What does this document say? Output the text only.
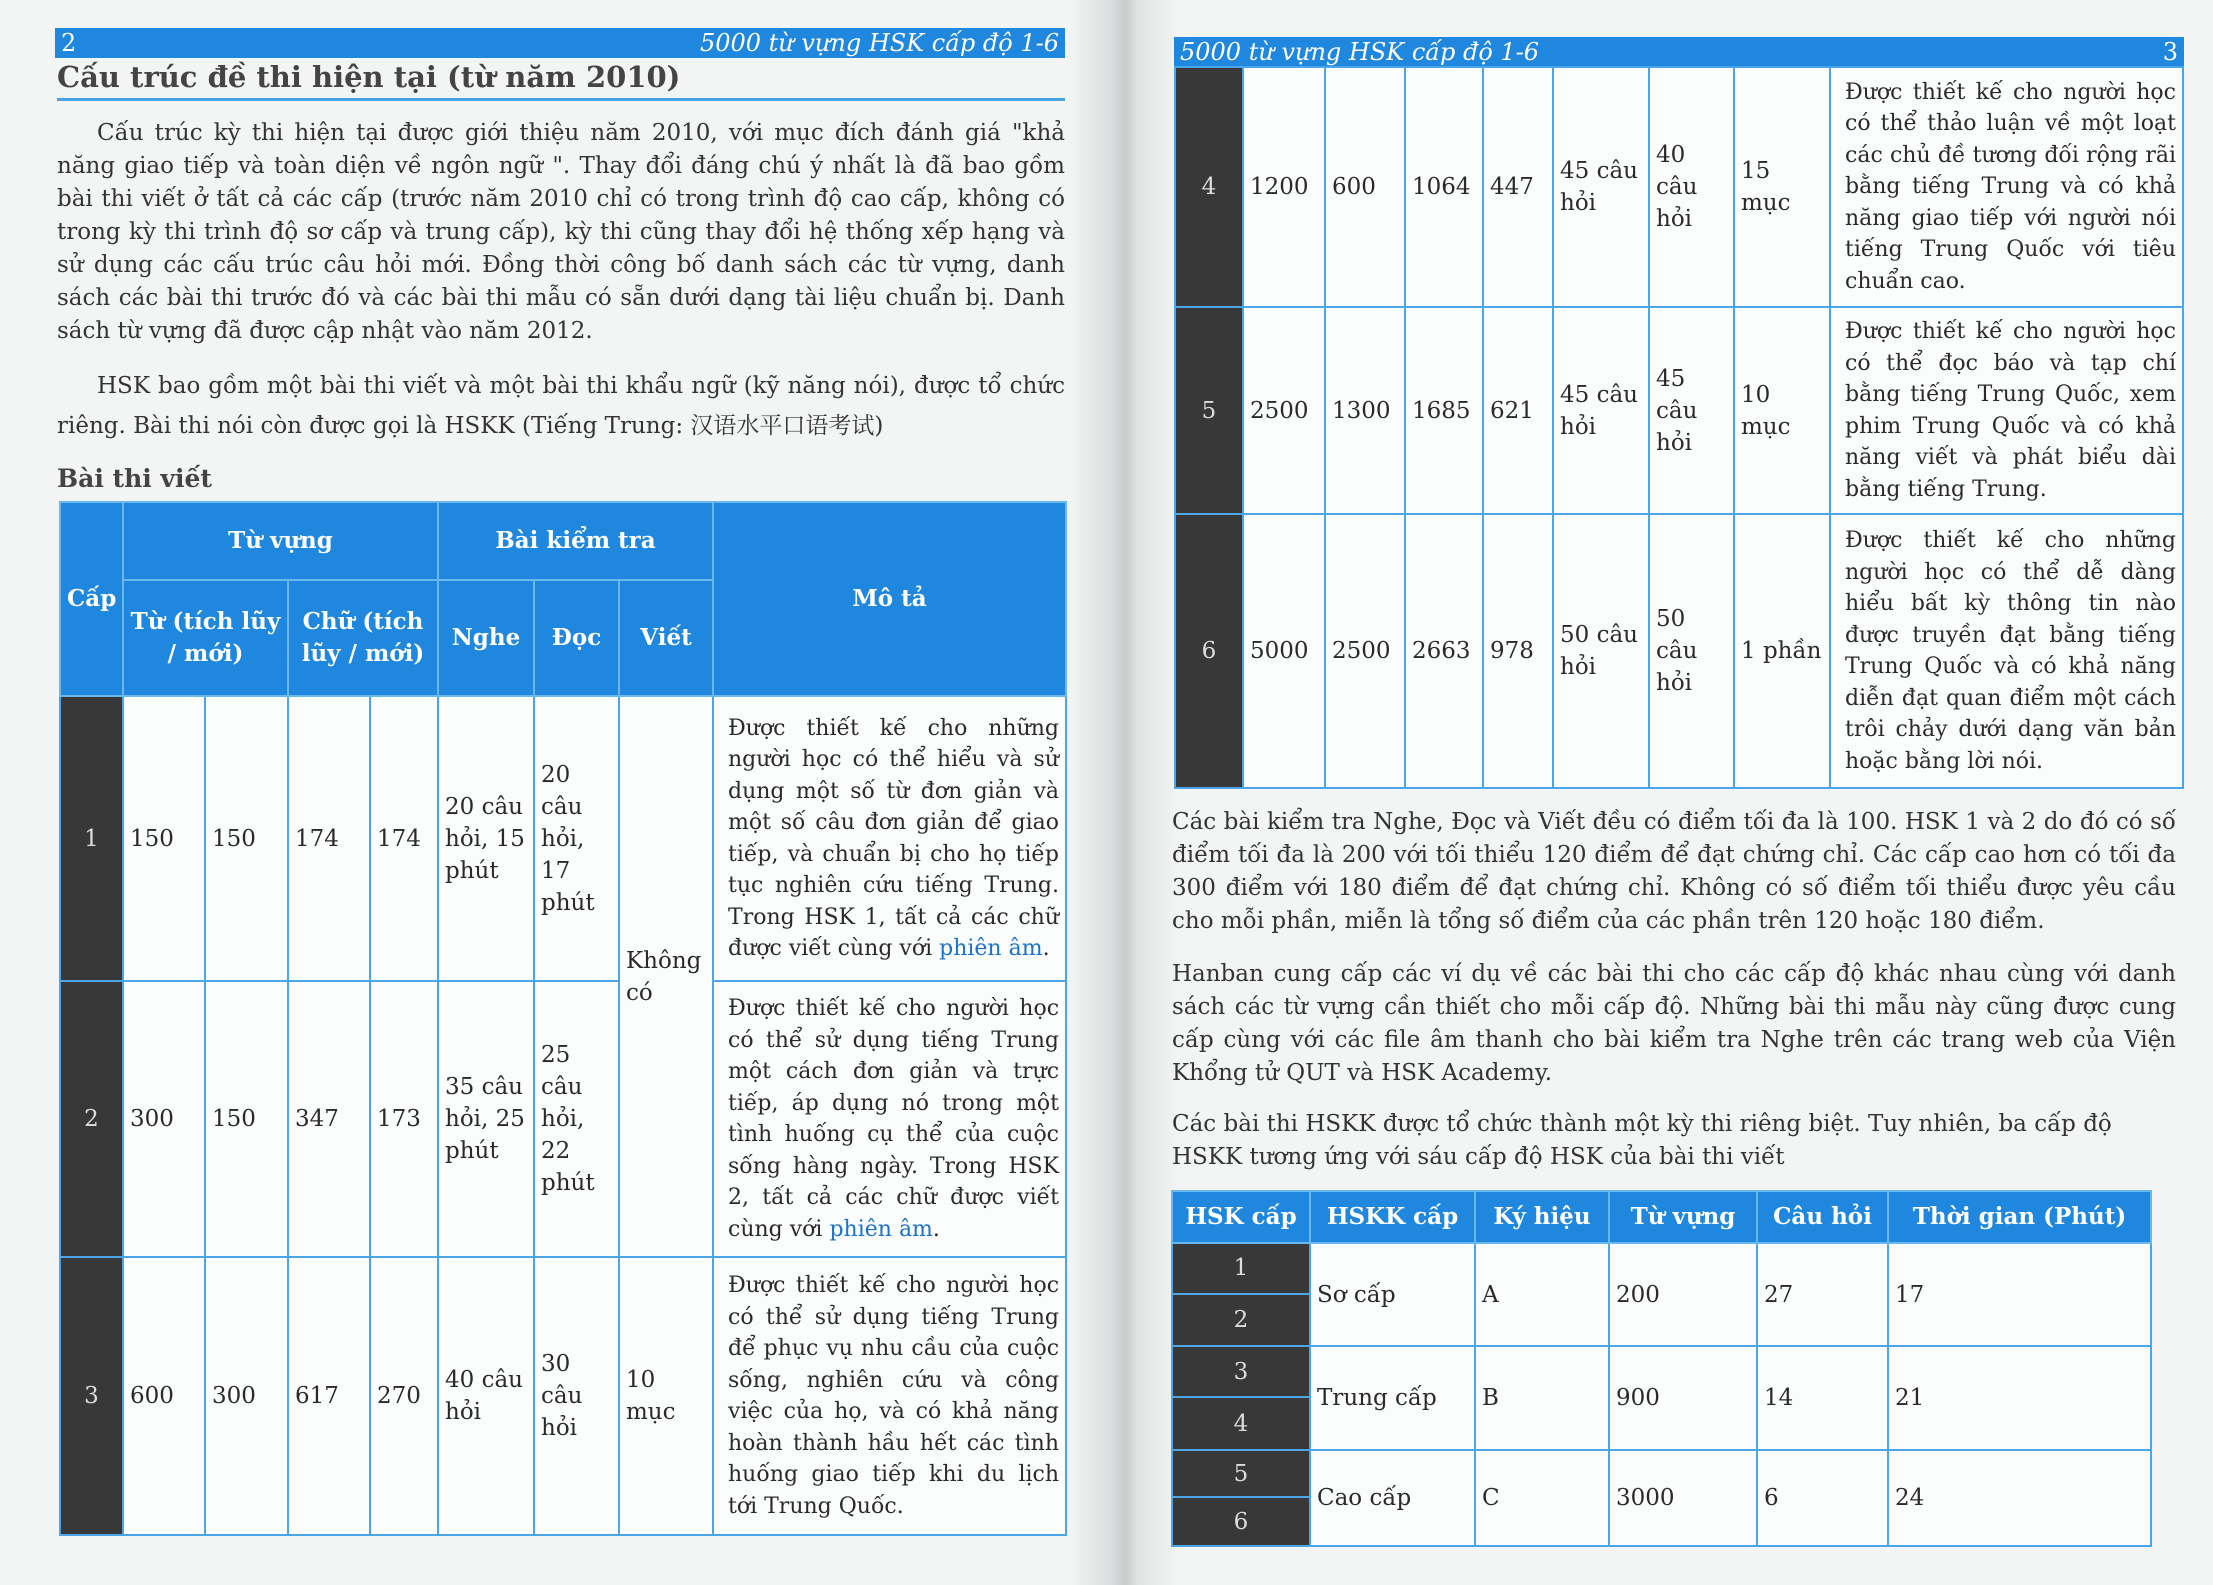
2	5000 từ vựng HSK cấp độ 1-6
Cấu trúc đề thi hiện tại (từ năm 2010)
Cấu trúc kỳ thi hiện tại được giới thiệu năm 2010, với mục đích đánh giá "khả năng giao tiếp và toàn diện về ngôn ngữ ". Thay đổi đáng chú ý nhất là đã bao gồm bài thi viết ở tất cả các cấp (trước năm 2010 chỉ có trong trình độ cao cấp, không có trong kỳ thi trình độ sơ cấp và trung cấp), kỳ thi cũng thay đổi hệ thống xếp hạng và sử dụng các cấu trúc câu hỏi mới. Đồng thời công bố danh sách các từ vựng, danh sách các bài thi trước đó và các bài thi mẫu có sẵn dưới dạng tài liệu chuẩn bị. Danh sách từ vựng đã được cập nhật vào năm 2012.
HSK bao gồm một bài thi viết và một bài thi khẩu ngữ (kỹ năng nói), được tổ chức riêng. Bài thi nói còn được gọi là HSKK (Tiếng Trung: 汉语水平口语考试)
Bài thi viết
Cấp	Từ vựng				Bài kiểm tra			Mô tả
	Từ (tích lũy / mới)		Chữ (tích lũy / mới)		Nghe	Đọc	Viết	
1	150	150	174	174	20 câu hỏi, 15 phút	20 câu hỏi, 17 phút	Không có	Được thiết kế cho những người học có thể hiểu và sử dụng một số từ đơn giản và một số câu đơn giản để giao tiếp, và chuẩn bị cho họ tiếp tục nghiên cứu tiếng Trung. Trong HSK 1, tất cả các chữ được viết cùng với phiên âm.
2	300	150	347	173	35 câu hỏi, 25 phút	25 câu hỏi, 22 phút		Được thiết kế cho người học có thể sử dụng tiếng Trung một cách đơn giản và trực tiếp, áp dụng nó trong một tình huống cụ thể của cuộc sống hàng ngày. Trong HSK 2, tất cả các chữ được viết cùng với phiên âm.
3	600	300	617	270	40 câu hỏi	30 câu hỏi	10 mục	Được thiết kế cho người học có thể sử dụng tiếng Trung để phục vụ nhu cầu của cuộc sống, nghiên cứu và công việc của họ, và có khả năng hoàn thành hầu hết các tình huống giao tiếp khi du lịch tới Trung Quốc.
5000 từ vựng HSK cấp độ 1-6	3
4	1200	600	1064	447	45 câu hỏi	40 câu hỏi	15 mục	Được thiết kế cho người học có thể thảo luận về một loạt các chủ đề tương đối rộng rãi bằng tiếng Trung và có khả năng giao tiếp với người nói tiếng Trung Quốc với tiêu chuẩn cao.
5	2500	1300	1685	621	45 câu hỏi	45 câu hỏi	10 mục	Được thiết kế cho người học có thể đọc báo và tạp chí bằng tiếng Trung Quốc, xem phim Trung Quốc và có khả năng viết và phát biểu dài bằng tiếng Trung.
6	5000	2500	2663	978	50 câu hỏi	50 câu hỏi	1 phần	Được thiết kế cho những người học có thể dễ dàng hiểu bất kỳ thông tin nào được truyền đạt bằng tiếng Trung Quốc và có khả năng diễn đạt quan điểm một cách trôi chảy dưới dạng văn bản hoặc bằng lời nói.
Các bài kiểm tra Nghe, Đọc và Viết đều có điểm tối đa là 100. HSK 1 và 2 do đó có số điểm tối đa là 200 với tối thiểu 120 điểm để đạt chứng chỉ. Các cấp cao hơn có tối đa 300 điểm với 180 điểm để đạt chứng chỉ. Không có số điểm tối thiểu được yêu cầu cho mỗi phần, miễn là tổng số điểm của các phần trên 120 hoặc 180 điểm.
Hanban cung cấp các ví dụ về các bài thi cho các cấp độ khác nhau cùng với danh sách các từ vựng cần thiết cho mỗi cấp độ. Những bài thi mẫu này cũng được cung cấp cùng với các file âm thanh cho bài kiểm tra Nghe trên các trang web của Viện Khổng tử QUT và HSK Academy.
Các bài thi HSKK được tổ chức thành một kỳ thi riêng biệt. Tuy nhiên, ba cấp độ HSKK tương ứng với sáu cấp độ HSK của bài thi viết
HSK cấp	HSKK cấp	Ký hiệu	Từ vựng	Câu hỏi	Thời gian (Phút)

1
2	Sơ cấp	A	200	27	17

3
4	Trung cấp	B	900	14	21

5
6	Cao cấp	C	3000	6	24
